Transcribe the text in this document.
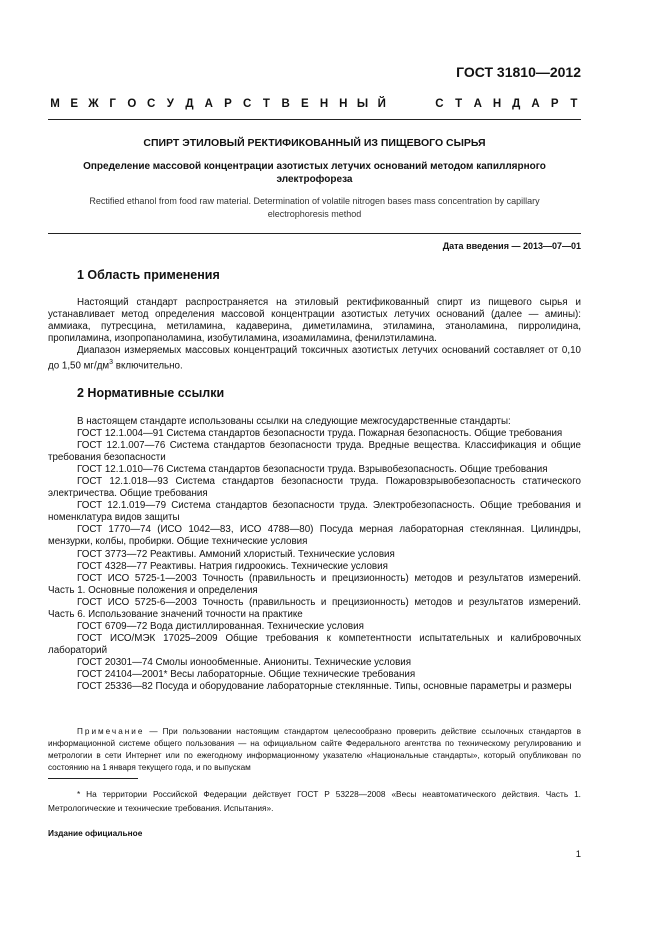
ГОСТ 31810—2012
М Е Ж Г О С У Д А Р С	Т	В Е Н Н Ы Й	С	Т	А Н Д А Р	Т
СПИРТ ЭТИЛОВЫЙ РЕКТИФИКОВАННЫЙ ИЗ ПИЩЕВОГО СЫРЬЯ
Определение массовой концентрации азотистых летучих оснований методом капиллярного электрофореза
Rectified ethanol from food raw material. Determination of volatile nitrogen bases mass concentration by capillary electrophoresis method
Дата введения — 2013—07—01
1 Область применения

Настоящий стандарт распространяется на этиловый ректификованный спирт из пищевого сырья и устанавливает метод определения массовой концентрации азотистых летучих оснований (далее — амины): аммиака, путресцина, метиламина, кадаверина, диметиламина, этиламина, этаноламина, пирролидина, пропиламина, изопропаноламина, изобутиламина, изоамиламина, фенилэтиламина.

Диапазон измеряемых массовых концентраций токсичных азотистых летучих оснований составляет от 0,10 до 1,50 $мг/дм^3$ включительно.

2 Нормативные ссылки

В настоящем стандарте использованы ссылки на следующие межгосударственные стандарты:

ГОСТ 12.1.004—91 Система стандартов безопасности труда. Пожарная безопасность. Общие требования

ГОСТ 12.1.007—76 Система стандартов безопасности труда. Вредные вещества. Классификация и общие требования безопасности

ГОСТ 12.1.010—76 Система стандартов безопасности труда. Взрывобезопасность. Общие требования

ГОСТ 12.1.018—93 Система стандартов безопасности труда. Пожаровзрывобезопасность статического электричества. Общие требования

ГОСТ 12.1.019—79 Система стандартов безопасности труда. Электробезопасность. Общие требования и номенклатура видов защиты

ГОСТ 1770—74 (ИСО 1042—83, ИСО 4788—80) Посуда мерная лабораторная стеклянная. Цилиндры, мензурки, колбы, пробирки. Общие технические условия

ГОСТ 3773—72 Реактивы. Аммоний хлористый. Технические условия

ГОСТ 4328—77 Реактивы. Натрия гидроокись. Технические условия

ГОСТ ИСО 5725-1—2003 Точность (правильность и прецизионность) методов и результатов измерений. Часть 1. Основные положения и определения

ГОСТ ИСО 5725-6—2003 Точность (правильность и прецизионность) методов и результатов измерений. Часть 6. Использование значений точности на практике

ГОСТ 6709—72 Вода дистиллированная. Технические условия

ГОСТ ИСО/МЭК 17025–2009 Общие требования к компетентности испытательных и калибровочных лабораторий

ГОСТ 20301—74 Смолы ионообменные. Аниониты. Технические условия

ГОСТ 24104—2001* Весы лабораторные. Общие технические требования

ГОСТ 25336—82 Посуда и оборудование лабораторные стеклянные. Типы, основные параметры и размеры

Примечание — При пользовании настоящим стандартом целесообразно проверить действие ссылочных стандартов в информационной системе общего пользования — на официальном сайте Федерального агентства по техническому регулированию и метрологии в сети Интернет или по ежегодному информационному указателю «Национальные стандарты», который опубликован по состоянию на 1 января текущего года, и по выпускам

* На территории Российской Федерации действует ГОСТ Р 53228—2008 «Весы неавтоматического действия. Часть 1. Метрологические и технические требования. Испытания».

Издание официальное
1
